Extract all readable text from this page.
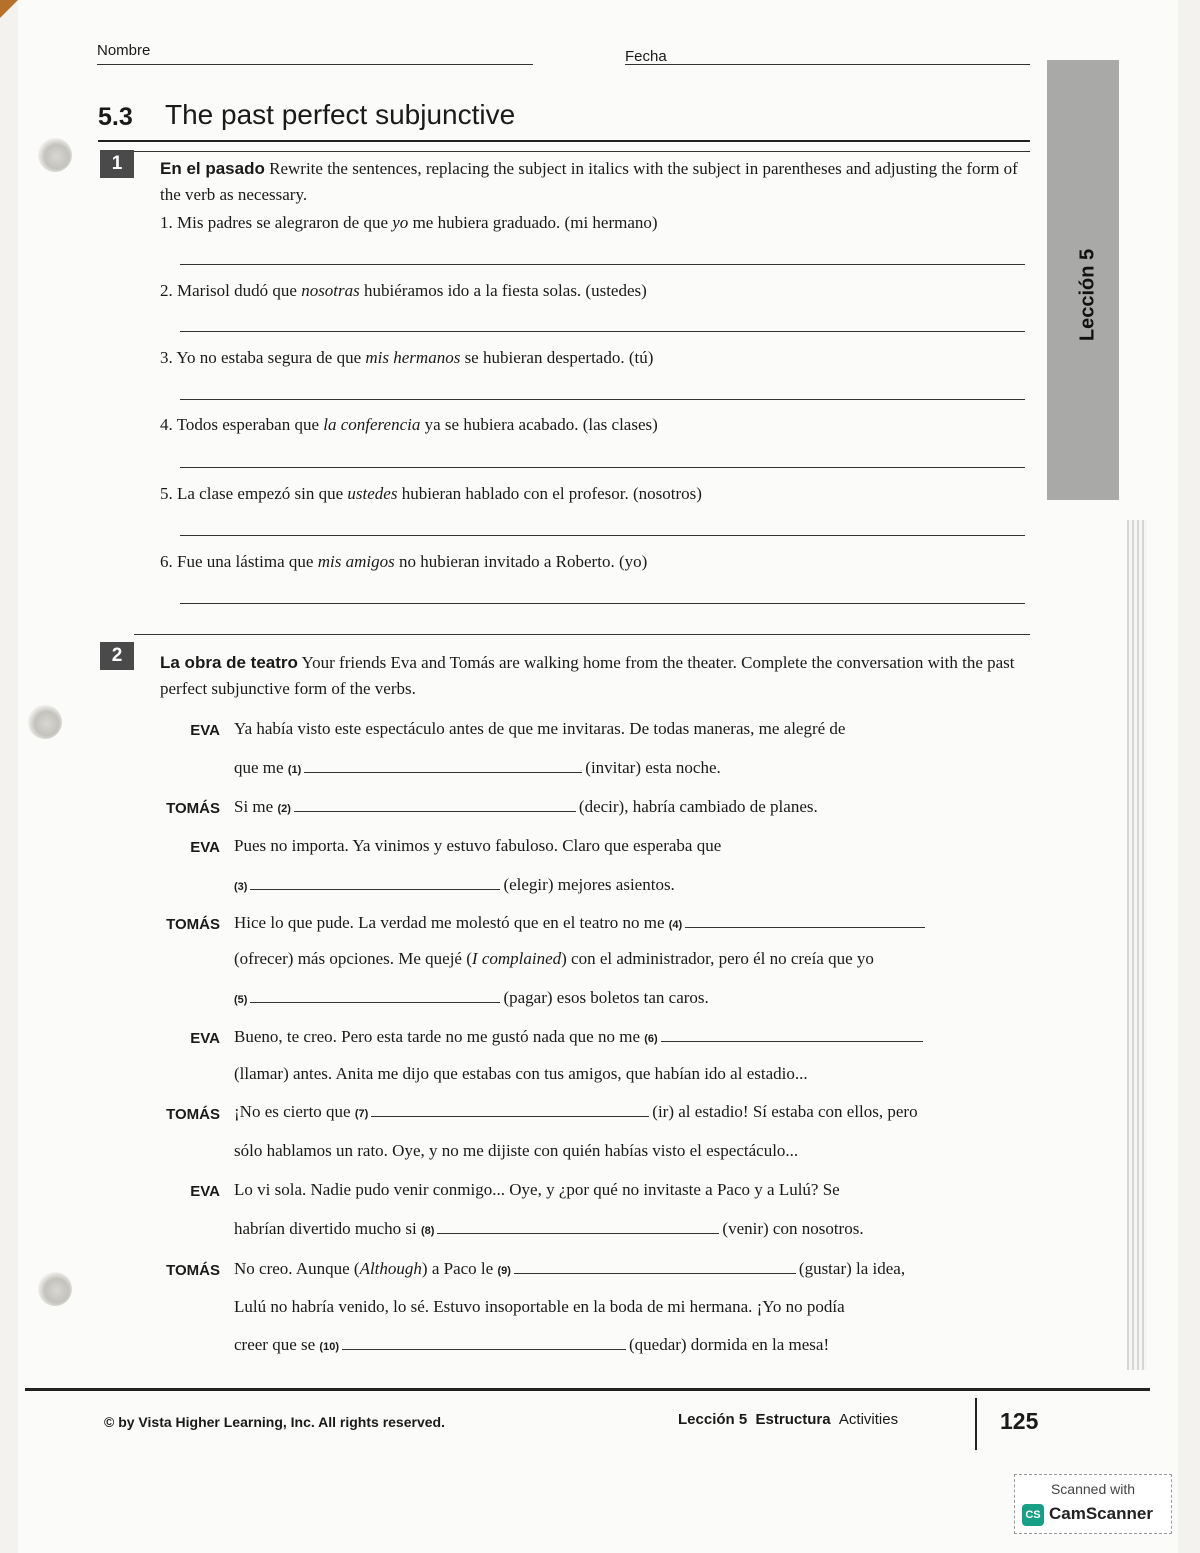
Nombre	Fecha
Lección 5
5.3 The past perfect subjunctive
1	En el pasado Rewrite the sentences, replacing the subject in italics with the subject in parentheses and adjusting the form of the verb as necessary.
1. Mis padres se alegraron de que yo me hubiera graduado. (mi hermano)
2. Marisol dudó que nosotras hubiéramos ido a la fiesta solas. (ustedes)
3. Yo no estaba segura de que mis hermanos se hubieran despertado. (tú)
4. Todos esperaban que la conferencia ya se hubiera acabado. (las clases)
5. La clase empezó sin que ustedes hubieran hablado con el profesor. (nosotros)
6. Fue una lástima que mis amigos no hubieran invitado a Roberto. (yo)
2	La obra de teatro Your friends Eva and Tomás are walking home from the theater. Complete the conversation with the past perfect subjunctive form of the verbs.
EVA Ya había visto este espectáculo antes de que me invitaras. De todas maneras, me alegré de
que me (1)	(invitar) esta noche.
TOMÁS Si me (2)	(decir), habría cambiado de planes.
EVA Pues no importa. Ya vinimos y estuvo fabuloso. Claro que esperaba que
(3)	(elegir) mejores asientos.
TOMÁS Hice lo que pude. La verdad me molestó que en el teatro no me (4)
(ofrecer) más opciones. Me quejé (I complained) con el administrador, pero él no creía que yo
(5)	(pagar) esos boletos tan caros.
EVA Bueno, te creo. Pero esta tarde no me gustó nada que no me (6)
(llamar) antes. Anita me dijo que estabas con tus amigos, que habían ido al estadio...
TOMÁS ¡No es cierto que (7)	(ir) al estadio! Sí estaba con ellos, pero
sólo hablamos un rato. Oye, y no me dijiste con quién habías visto el espectáculo...
EVA Lo vi sola. Nadie pudo venir conmigo... Oye, y ¿por qué no invitaste a Paco y a Lulú? Se
habrían divertido mucho si (8)	(venir) con nosotros.
TOMÁS No creo. Aunque (Although) a Paco le (9)	(gustar) la idea,
Lulú no habría venido, lo sé. Estuvo insoportable en la boda de mi hermana. ¡Yo no podía
creer que se (10)	(quedar) dormida en la mesa!
© by Vista Higher Learning, Inc. All rights reserved.	Lección 5 Estructura Activities	125
Scanned with
CS CamScanner
